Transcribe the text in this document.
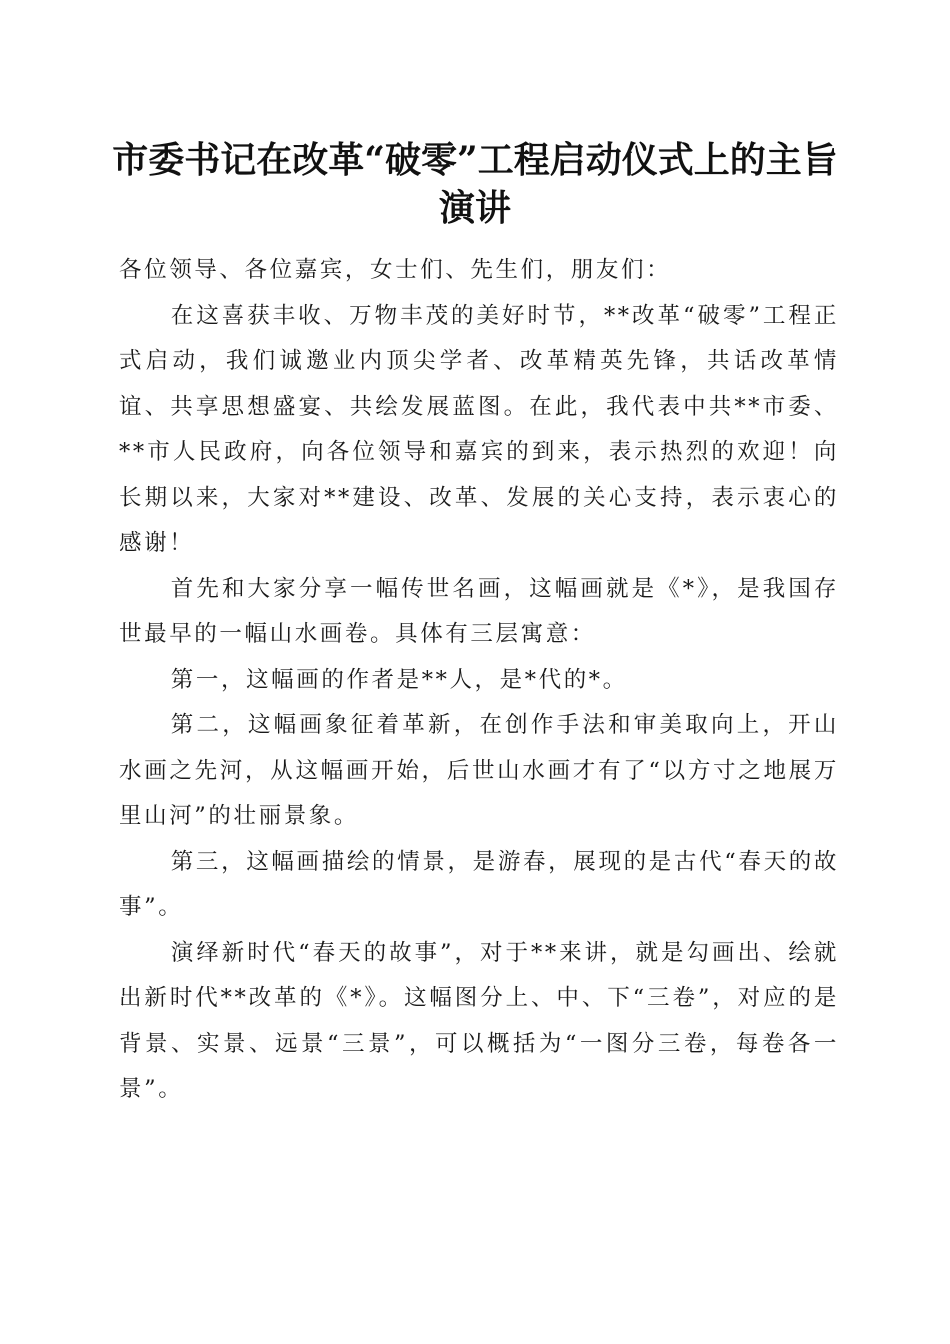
市委书记在改革“破零”工程启动仪式上的主旨演讲

各位领导、各位嘉宾，女士们、先生们，朋友们：

在这喜获丰收、万物丰茂的美好时节，**改革“破零”工程正式启动，我们诚邀业内顶尖学者、改革精英先锋，共话改革情谊、共享思想盛宴、共绘发展蓝图。在此，我代表中共**市委、**市人民政府，向各位领导和嘉宾的到来，表示热烈的欢迎！向长期以来，大家对**建设、改革、发展的关心支持，表示衷心的感谢！

首先和大家分享一幅传世名画，这幅画就是《*》，是我国存世最早的一幅山水画卷。具体有三层寓意：

第一，这幅画的作者是**人，是*代的*。

第二，这幅画象征着革新，在创作手法和审美取向上，开山水画之先河，从这幅画开始，后世山水画才有了“以方寸之地展万里山河”的壮丽景象。

第三，这幅画描绘的情景，是游春，展现的是古代“春天的故事”。

演绎新时代“春天的故事”，对于**来讲，就是勾画出、绘就出新时代**改革的《*》。这幅图分上、中、下“三卷”，对应的是背景、实景、远景“三景”，可以概括为“一图分三卷，每卷各一景”。
